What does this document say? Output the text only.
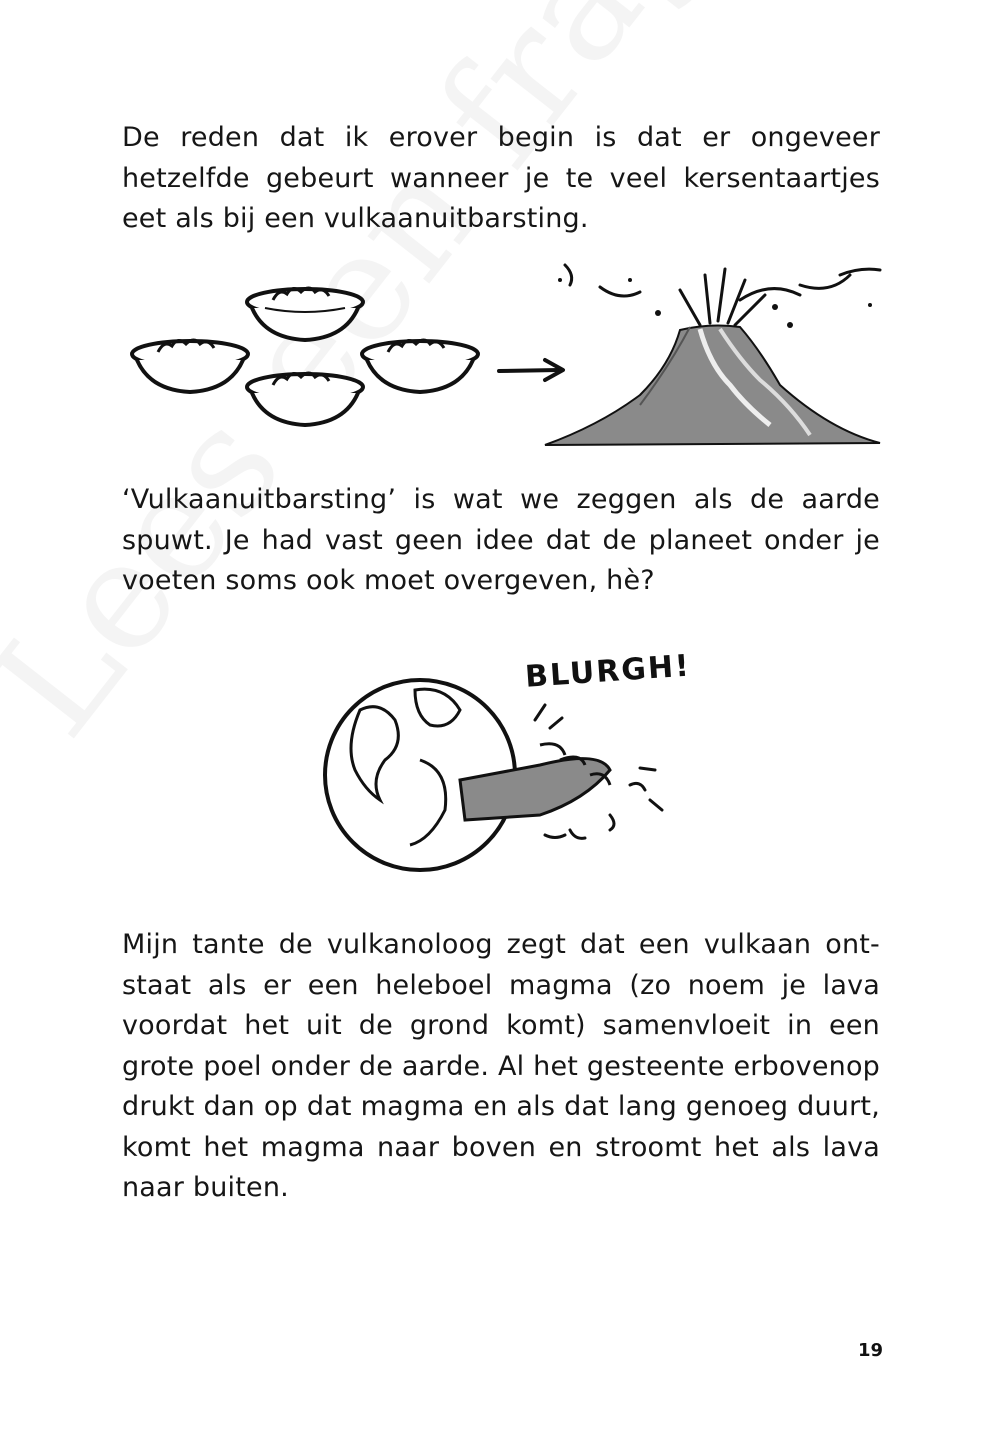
De reden dat ik erover begin is dat er ongeveer hetzelfde gebeurt wanneer je te veel kersentaartjes eet als bij een vulkaanuitbarsting.

‘Vulkaanuitbarsting’ is wat we zeggen als de aarde spuwt. Je had vast geen idee dat de planeet onder je voeten soms ook moet overgeven, hè?

BLURGH!

Mijn tante de vulkanoloog zegt dat een vulkaan ont-staat als er een heleboel magma (zo noem je lava voordat het uit de grond komt) samenvloeit in een grote poel onder de aarde. Al het gesteente erbovenop drukt dan op dat magma en als dat lang genoeg duurt, komt het magma naar boven en stroomt het als lava naar buiten.

19
